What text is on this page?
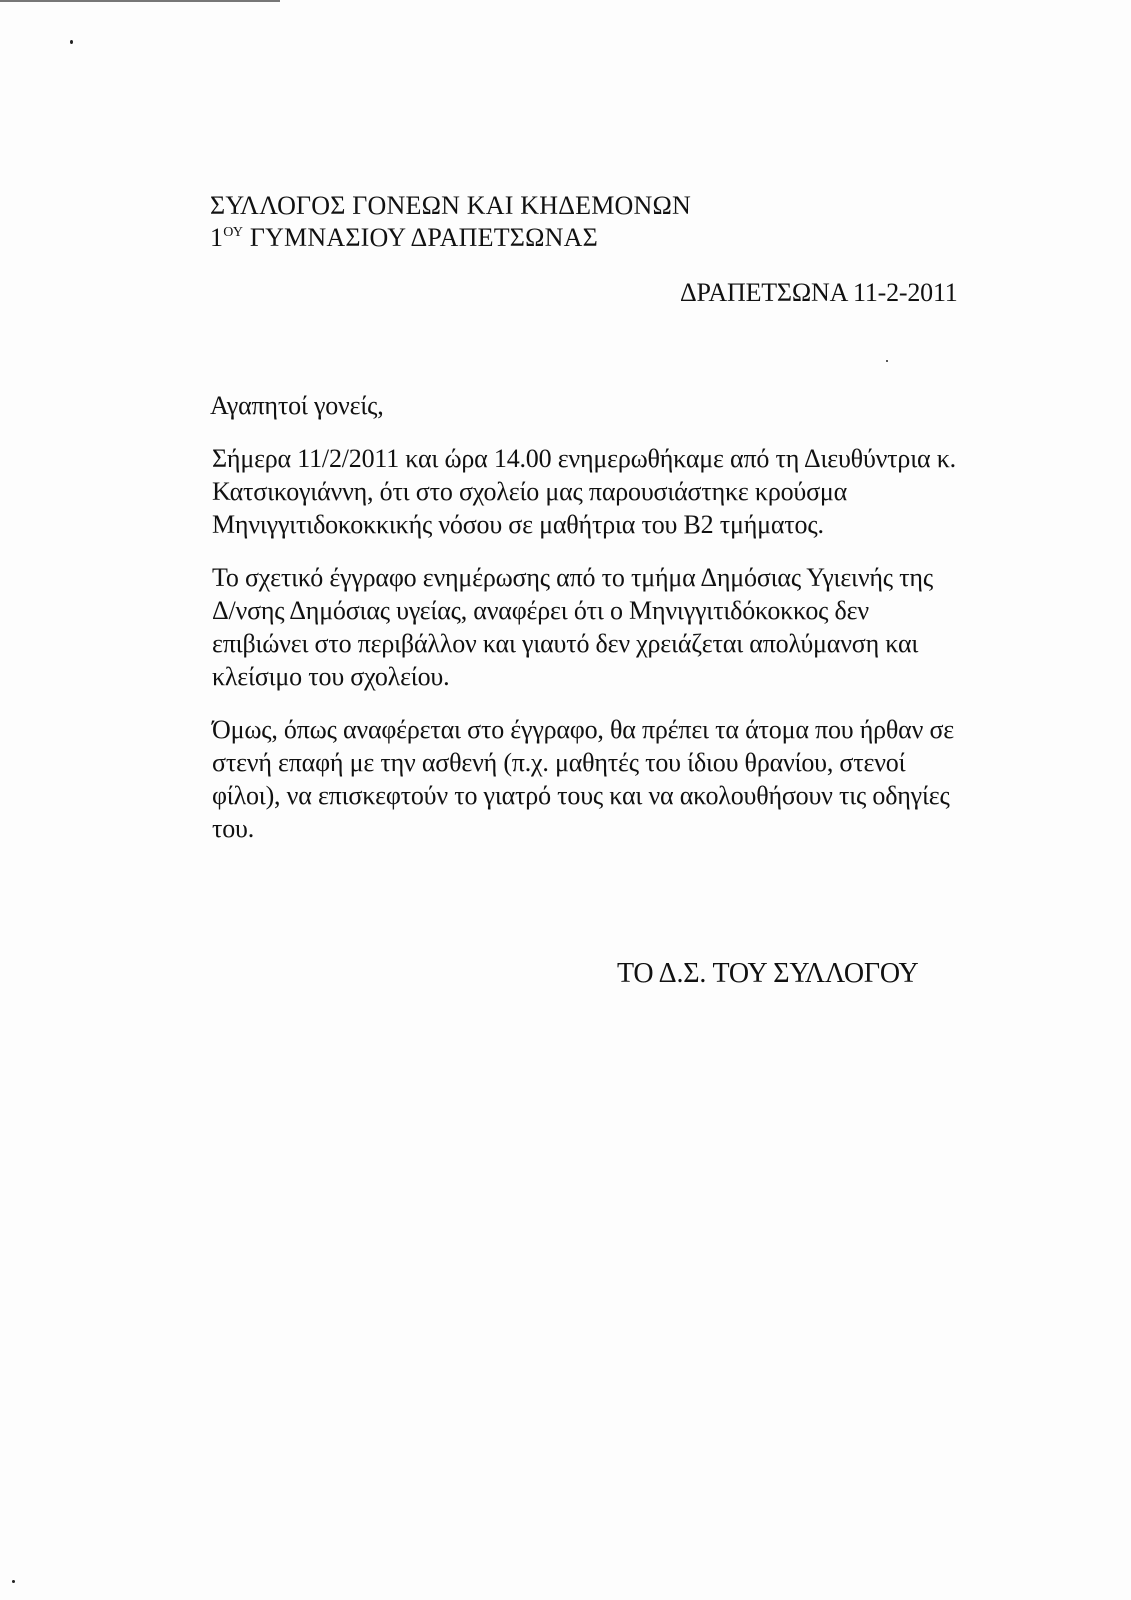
ΣΥΛΛΟΓΟΣ ΓΟΝΕΩΝ ΚΑΙ ΚΗΔΕΜΟΝΩΝ
$1^{O\Upsilon}$ ΓΥΜΝΑΣΙΟΥ ΔΡΑΠΕΤΣΩΝΑΣ
ΔΡΑΠΕΤΣΩΝΑ 11-2-2011
Αγαπητοί γονείς,
Σήμερα 11/2/2011 και ώρα 14.00 ενημερωθήκαμε από τη Διευθύντρια κ.
Κατσικογιάννη, ότι στο σχολείο μας παρουσιάστηκε κρούσμα
Μηνιγγιτιδοκοκκικής νόσου σε μαθήτρια του Β2 τμήματος.
Το σχετικό έγγραφο ενημέρωσης από το τμήμα Δημόσιας Υγιεινής της
Δ/νσης Δημόσιας υγείας, αναφέρει ότι ο Μηνιγγιτιδόκοκκος δεν
επιβιώνει στο περιβάλλον και γιαυτό δεν χρειάζεται απολύμανση και
κλείσιμο του σχολείου.
Όμως, όπως αναφέρεται στο έγγραφο, θα πρέπει τα άτομα που ήρθαν σε
στενή επαφή με την ασθενή (π.χ. μαθητές του ίδιου θρανίου, στενοί
φίλοι), να επισκεφτούν το γιατρό τους και να ακολουθήσουν τις οδηγίες
του.
ΤΟ Δ.Σ. ΤΟΥ ΣΥΛΛΟΓΟΥ
